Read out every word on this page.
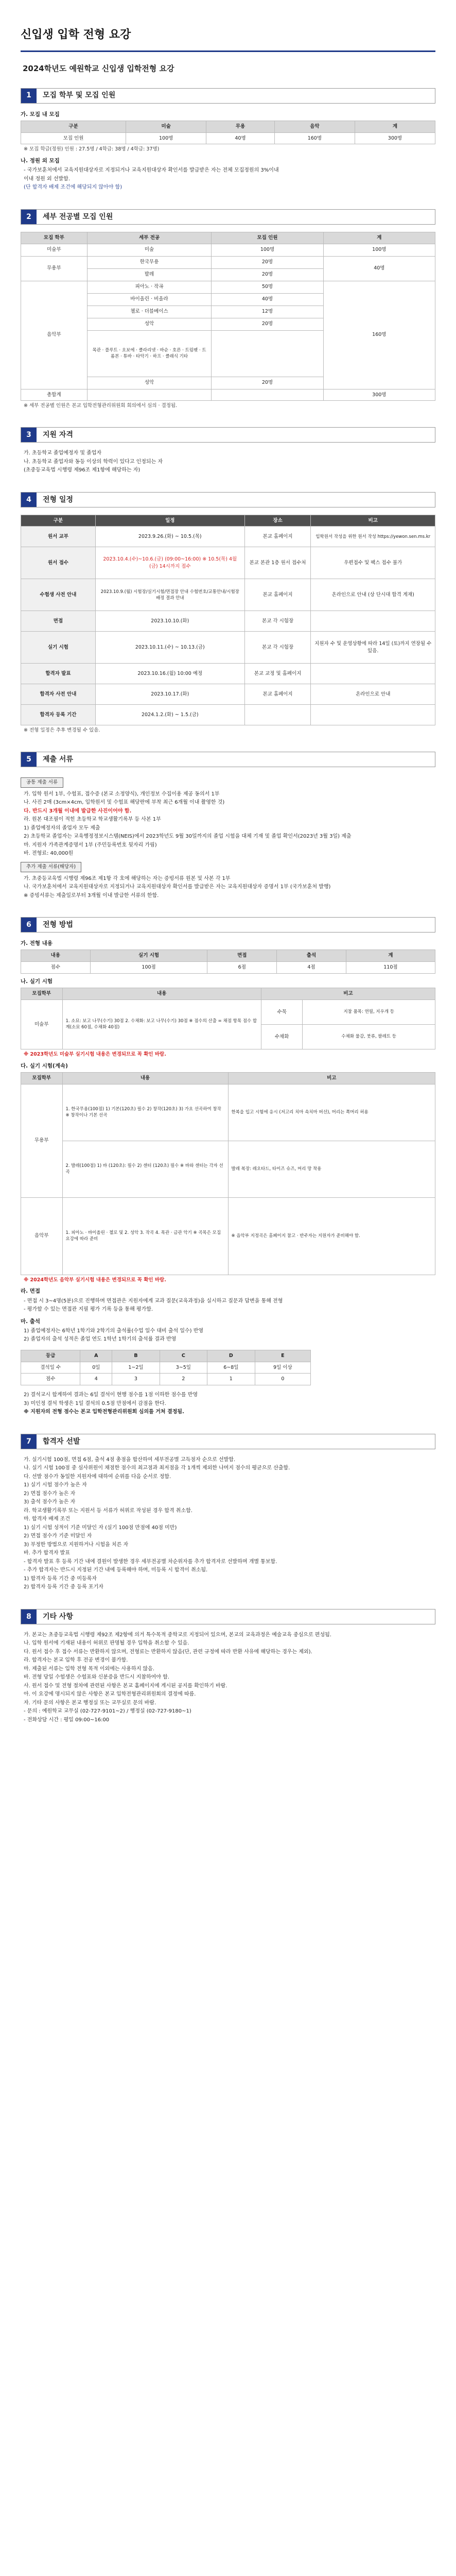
신입생 입학 전형 요강
2024학년도 예원학교 신입생 입학전형 요강
1	모집 학부 및 모집 인원
가. 모집 내 모집
구분	미술	무용	음악	계
모집 인원	100명	40명	160명	300명
※ 모집 학급(정원) 인원 : 27.5명 / 4학급: 38명 / 4학급: 37명)
나. 정원 외 모집
- 국가보훈처에서 교육지원대상자로 지정되거나 교육지원대상자 확인서를 발급받은 자는 전체 모집정원의 3%이내
이내 정원 외 선발함.
(단 합격자 배제 조건에 해당되지 않아야 함)
2	세부 전공별 모집 인원
모집 학부	세부 전공	모집 인원	계
미술부	미술	100명	100명
무용부	한국무용	20명	40명
	발레	20명	
음악부	피아노 · 작곡	50명	160명
	바이올린 · 비올라	40명	
	첼로 · 더블베이스	12명	
	성악	20명	
	목관 · 플루트 · 오보에 · 클라리넷 · 바순 · 호른 · 트럼펫 · 트롬본 · 튜바 · 타악기 · 하프 · 클래식 기타		
	성악	20명	
총합계			300명
※ 세부 전공별 인원은 본교 입학전형관리위원회 회의에서 심의 · 결정됨.
3	지원 자격
가. 초등학교 졸업예정자 및 졸업자
나. 초등학교 졸업자와 동등 이상의 학력이 있다고 인정되는 자
(초중등교육법 시행령 제96조 제1항에 해당하는 자)
4	전형 일정
구분	일정	장소	비고
원서 교부	2023.9.26.(화) ~ 10.5.(목)	본교 홈페이지	입학원서 작성을 위한 원서 작성 https://yewon.sen.ms.kr
원서 접수	2023.10.4.(수)~10.6.(금) (09:00~16:00) ※ 10.5(목) 4월 (금) 14시까지 접수	본교 본관 1층 원서 접수처	우편접수 및 팩스 접수 불가
수험생 사전 안내	2023.10.9.(월) 시험장/실기시험/면접장 안내 수험번호/교통안내/시험장 배정 결과 안내	본교 홈페이지	온라인으로 안내 (상 단시대 합격 게재)
면접	2023.10.10.(화)	본교 각 시험장	
실기 시험	2023.10.11.(수) ~ 10.13.(금)	본교 각 시험장	지원자 수 및 운영상황에 따라 14일 (토)까지 연장될 수 있음.
합격자 발표	2023.10.16.(월) 10:00 예정	본교 교정 및 홈페이지	
합격자 사전 안내	2023.10.17.(화)	본교 홈페이지	온라인으로 안내
합격자 등록 기간	2024.1.2.(화) ~ 1.5.(금)		
※ 전형 일정은 추후 변경될 수 있음.
5	제출 서류
공통 제출 서류
가. 입학 원서 1부, 수험표, 접수증 (본교 소정양식), 개인정보 수집이용 제공 동의서 1부
나. 사진 2매 (3cm×4cm, 입학원서 및 수험표 해당란에 부착 최근 6개월 이내 촬영한 것)
다. 반드시 3개월 이내에 발급한 사진이어야 함.
라. 원본 대조필이 적힌 초등학교 학교생활기록부 등 사본 1부
1) 졸업예정자의 졸업자 모두 제출
2) 초등학교 졸업자는 교육행정정보시스템(NEIS)에서 2023학년도 9월 30일까지의 졸업 시험을 대체 기재 및 졸업 확인서(2023년 3월 3일) 제출
마. 지원자 가족관계증명서 1부 (주민등록번호 뒷자리 가림)
바. 전형료: 40,000원
추가 제출 서류(해당자)
가. 초중등교육법 시행령 제96조 제1항 각 호에 해당하는 자는 증빙서류 원본 및 사본 각 1부
나. 국가보훈처에서 교육지원대상자로 지정되거나 교육지원대상자 확인서를 발급받은 자는 교육지원대상자 증명서 1부 (국가보훈처 발행)
※ 증빙서류는 제출일로부터 3개월 이내 발급한 서류의 한함.
6	전형 방법
가. 전형 내용
내용	실기 시험	면접	출석	계
점수	100점	6점	4점	110점
나. 실기 시험
모집학부	내용	비고	
미술부	1. 소묘: 보고 나무(수기) 30점 2. 수채화: 보고 나무(수기) 30점 ※ 점수의 산출 = 채점 항목 점수 합계(소묘 60점, 수채화 40점)	수묵	지참 품목: 연필, 지우개 등
		수채화	수채화 물감, 붓류, 팔레트 등
※ 2023학년도 미술부 실기시험 내용은 변경되므로 꼭 확인 바람.
다. 실기 시험(계속)
모집학부	내용	비고
무용부	1. 한국무용(100점) 1) 기본(120초) 필수 2) 창작(120초) 3) 가요 선곡하여 창작 ※ 창작이나 기본 선곡	한복을 입고 시험에 응시 (저고리 치마 속치마 버선), 머리는 쪽머리 허용
	2. 발레(100점) 1) 바 (120초): 필수 2) 센터 (120초) 필수 ※ 바와 센터는 각자 선곡	발레 복장: 레오타드, 타이즈 슈즈, 머리 망 착용
음악부	1. 피아노 · 바이올린 · 첼로 및 2. 성악 3. 작곡 4. 목관 · 금관 악기 ※ 곡목은 모집요강에 따라 준비	※ 음악부 지정곡은 홈페이지 참고 · 반주자는 지원자가 준비해야 함.
※ 2024학년도 음악부 실기시험 내용은 변경되므로 꼭 확인 바람.
라. 면접
- 면접 시 3~4명(5분)으로 진행하며 면접관은 지원자에게 교과 질문(교육과정)을 실시하고 질문과 답변을 통해 전형
- 평가할 수 있는 면접관 지필 평가 기록 등을 통해 평가함.
마. 출석
1) 졸업예정자는 6학년 1학기와 2학기의 출석률(수업 일수 대비 출석 일수) 반영
2) 졸업자의 출석 성적은 졸업 연도 1학년 1학기의 출석률 결과 반영
등급	A	B	C	D	E
결석일 수	0일	1~2일	3~5일	6~8일	9일 이상
점수	4	3	2	1	0
2) 결석교시 합계하여 결과는 6일 결석이 현행 점수를 1점 이하한 점수를 반영
3) 미인정 결석 학생은 1일 결석의 0.5점 만점에서 감점을 한다.
※ 지원자의 전형 점수는 본교 입학전형관리위원회 심의를 거쳐 결정됨.
7	합격자 선발
가. 실기시험 100점, 면접 6점, 출석 4점 총점을 합산하여 세부전공별 고득점자 순으로 선발함.
나. 실기 시험 100점 중 심사위원이 채점한 점수의 최고점과 최저점을 각 1개씩 제외한 나머지 점수의 평균으로 산출함.
다. 선발 점수가 동일한 지원자에 대하여 순위를 다음 순서로 정함.
1) 실기 시험 점수가 높은 자
2) 면접 점수가 높은 자
3) 출석 점수가 높은 자
라. 학교생활기록부 또는 지원서 등 서류가 허위로 작성된 경우 합격 취소함.
마. 합격자 배제 조건
1) 실기 시험 성적이 기준 미달인 자 (실기 100점 만점에 40점 미만)
2) 면접 점수가 기준 미달인 자
3) 부정한 방법으로 지원하거나 시험을 치른 자
바. 추가 합격자 발표
- 합격자 발표 후 등록 기간 내에 결원이 발생한 경우 세부전공별 차순위자를 추가 합격자로 선발하며 개별 통보함.
- 추가 합격자는 반드시 지정된 기간 내에 등록해야 하며, 미등록 시 합격이 취소됨.
1) 합격자 등록 기간 중 미등록자
2) 합격자 등록 기간 중 등록 포기자
8	기타 사항
가. 본교는 초중등교육법 시행령 제92조 제2항에 의거 특수목적 중학교로 지정되어 있으며, 본교의 교육과정은 예술교육 중심으로 편성됨.
나. 입학 원서에 기재된 내용이 허위로 판명될 경우 입학을 취소할 수 있음.
다. 원서 접수 후 접수 서류는 반환하지 않으며, 전형료는 반환하지 않음(단, 관련 규정에 따라 반환 사유에 해당하는 경우는 제외).
라. 합격자는 본교 입학 후 전공 변경이 불가함.
마. 제출된 서류는 입학 전형 목적 이외에는 사용하지 않음.
바. 전형 당일 수험생은 수험표와 신분증을 반드시 지참하여야 함.
사. 원서 접수 및 전형 절차에 관련된 사항은 본교 홈페이지에 게시된 공지를 확인하기 바람.
아. 이 요강에 명시되지 않은 사항은 본교 입학전형관리위원회의 결정에 따름.
자. 기타 문의 사항은 본교 행정실 또는 교무실로 문의 바람.
- 문의 : 예원학교 교무실 (02-727-9101~2) / 행정실 (02-727-9180~1)
- 전화상담 시간 : 평일 09:00~16:00
